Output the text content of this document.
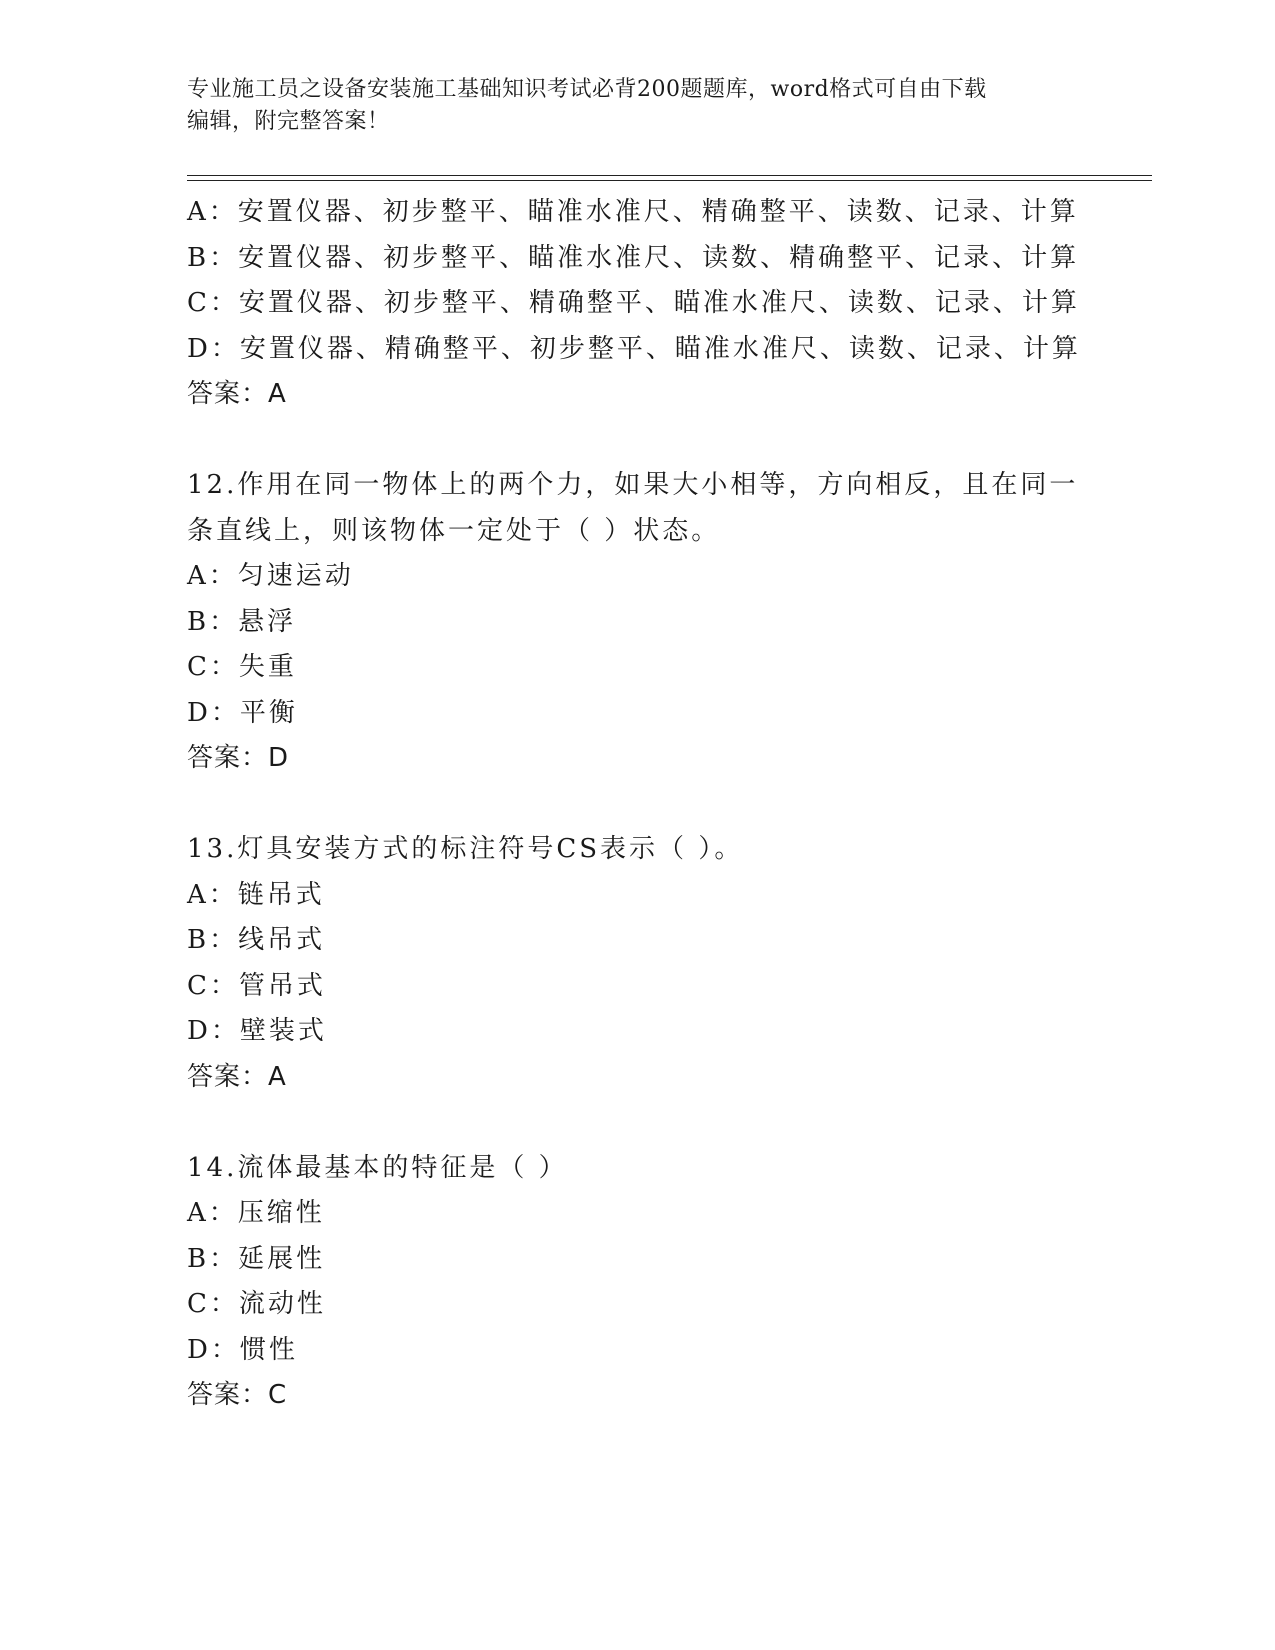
专业施工员之设备安装施工基础知识考试必背200题题库，word格式可自由下载
编辑，附完整答案！
A：安置仪器、初步整平、瞄准水准尺、精确整平、读数、记录、计算
B：安置仪器、初步整平、瞄准水准尺、读数、精确整平、记录、计算
C：安置仪器、初步整平、精确整平、瞄准水准尺、读数、记录、计算
D：安置仪器、精确整平、初步整平、瞄准水准尺、读数、记录、计算
答案：A
12.作用在同一物体上的两个力，如果大小相等，方向相反，且在同一
条直线上，则该物体一定处于（ ）状态。
A：匀速运动
B：悬浮
C：失重
D：平衡
答案：D
13.灯具安装方式的标注符号CS表示（ ）。
A：链吊式
B：线吊式
C：管吊式
D：壁装式
答案：A
14.流体最基本的特征是（ ）
A：压缩性
B：延展性
C：流动性
D：惯性
答案：C
